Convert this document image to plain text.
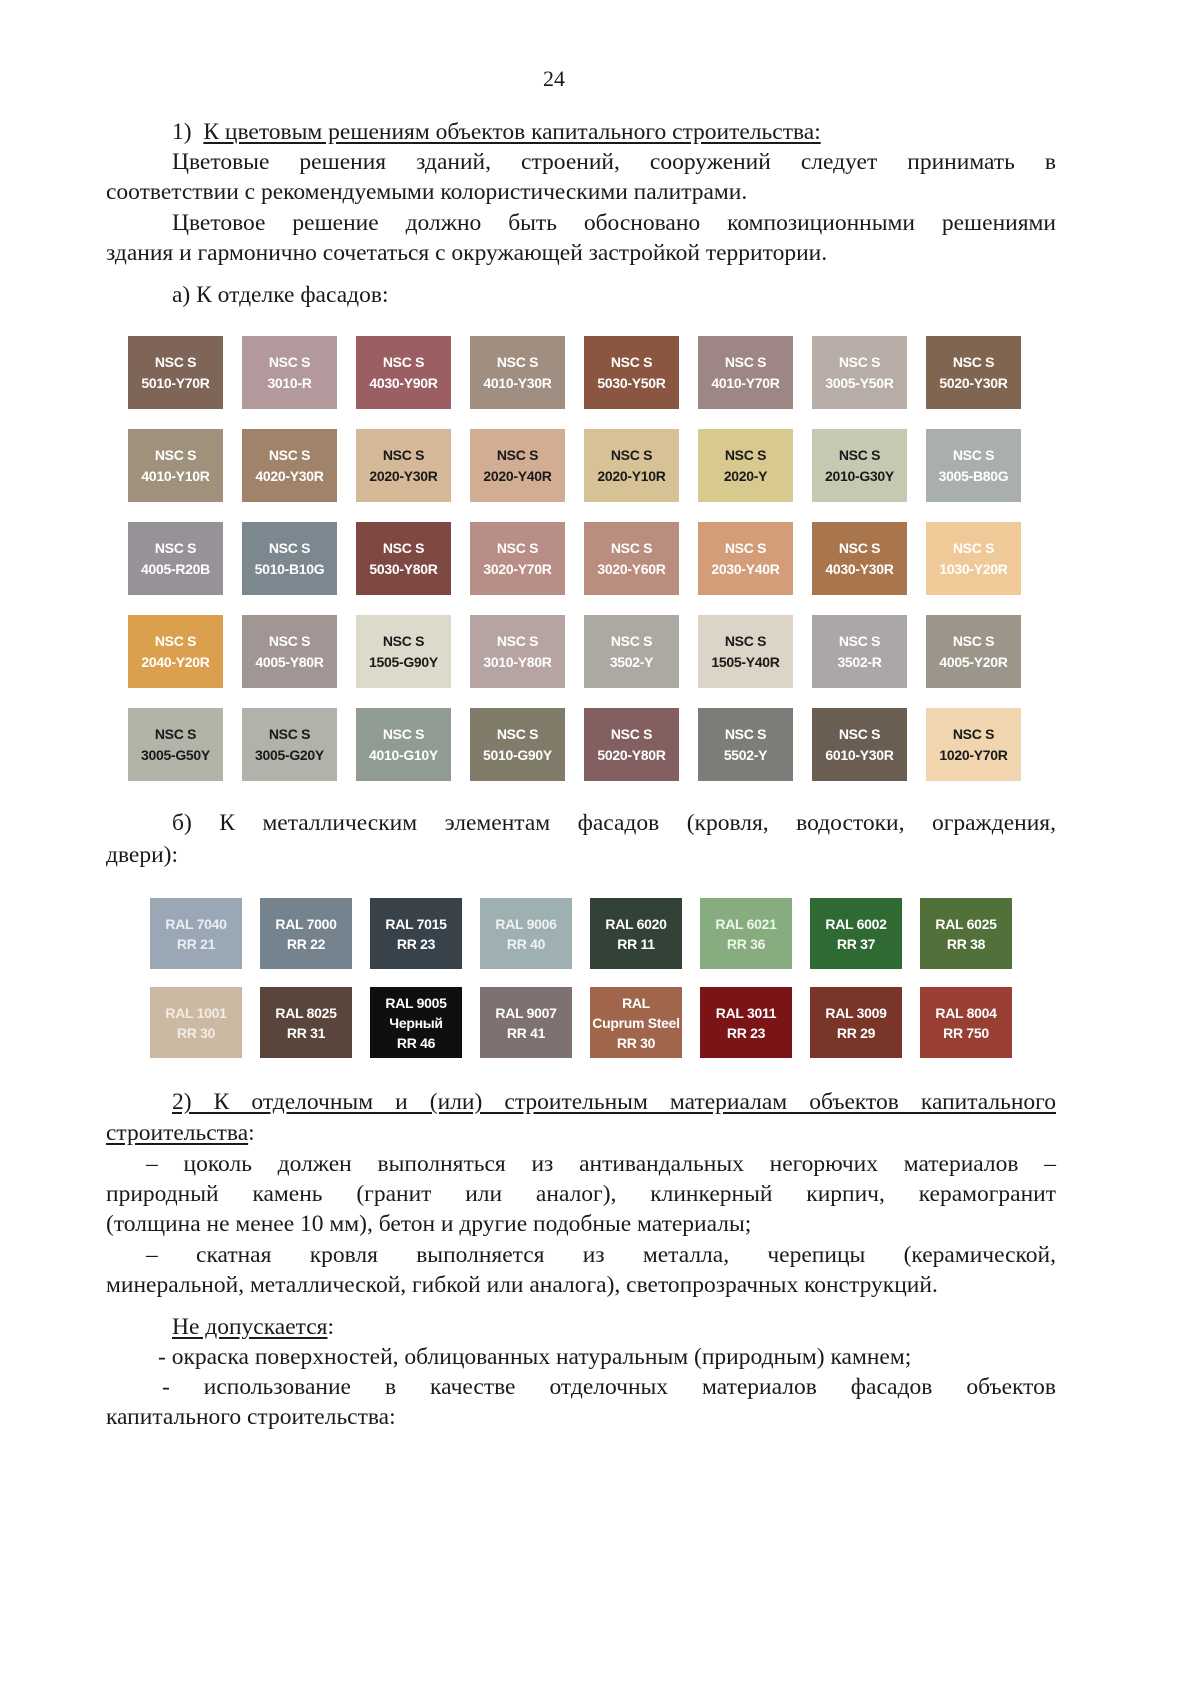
24
1) К цветовым решениям объектов капитального строительства:
Цветовые решения зданий, строений, сооружений следует принимать в
соответствии с рекомендуемыми колористическими палитрами.
Цветовое решение должно быть обосновано композиционными решениями
здания и гармонично сочетаться с окружающей застройкой территории.
а) К отделке фасадов:
NSC S
5010-Y70R
NSC S
3010-R
NSC S
4030-Y90R
NSC S
4010-Y30R
NSC S
5030-Y50R
NSC S
4010-Y70R
NSC S
3005-Y50R
NSC S
5020-Y30R
NSC S
4010-Y10R
NSC S
4020-Y30R
NSC S
2020-Y30R
NSC S
2020-Y40R
NSC S
2020-Y10R
NSC S
2020-Y
NSC S
2010-G30Y
NSC S
3005-B80G
NSC S
4005-R20B
NSC S
5010-B10G
NSC S
5030-Y80R
NSC S
3020-Y70R
NSC S
3020-Y60R
NSC S
2030-Y40R
NSC S
4030-Y30R
NSC S
1030-Y20R
NSC S
2040-Y20R
NSC S
4005-Y80R
NSC S
1505-G90Y
NSC S
3010-Y80R
NSC S
3502-Y
NSC S
1505-Y40R
NSC S
3502-R
NSC S
4005-Y20R
NSC S
3005-G50Y
NSC S
3005-G20Y
NSC S
4010-G10Y
NSC S
5010-G90Y
NSC S
5020-Y80R
NSC S
5502-Y
NSC S
6010-Y30R
NSC S
1020-Y70R
б) К металлическим элементам фасадов (кровля, водостоки, ограждения,
двери):
RAL 7040
RR 21
RAL 7000
RR 22
RAL 7015
RR 23
RAL 9006
RR 40
RAL 6020
RR 11
RAL 6021
RR 36
RAL 6002
RR 37
RAL 6025
RR 38
RAL 1001
RR 30
RAL 8025
RR 31
RAL 9005
Черный
RR 46
RAL 9007
RR 41
RAL
Cuprum Steel
RR 30
RAL 3011
RR 23
RAL 3009
RR 29
RAL 8004
RR 750
2) К отделочным и (или) строительным материалам объектов капитального
строительства:
– цоколь должен выполняться из антивандальных негорючих материалов –
природный камень (гранит или аналог), клинкерный кирпич, керамогранит
(толщина не менее 10 мм), бетон и другие подобные материалы;
– скатная кровля выполняется из металла, черепицы (керамической,
минеральной, металлической, гибкой или аналога), светопрозрачных конструкций.
Не допускается:
- окраска поверхностей, облицованных натуральным (природным) камнем;
- использование в качестве отделочных материалов фасадов объектов
капитального строительства:
